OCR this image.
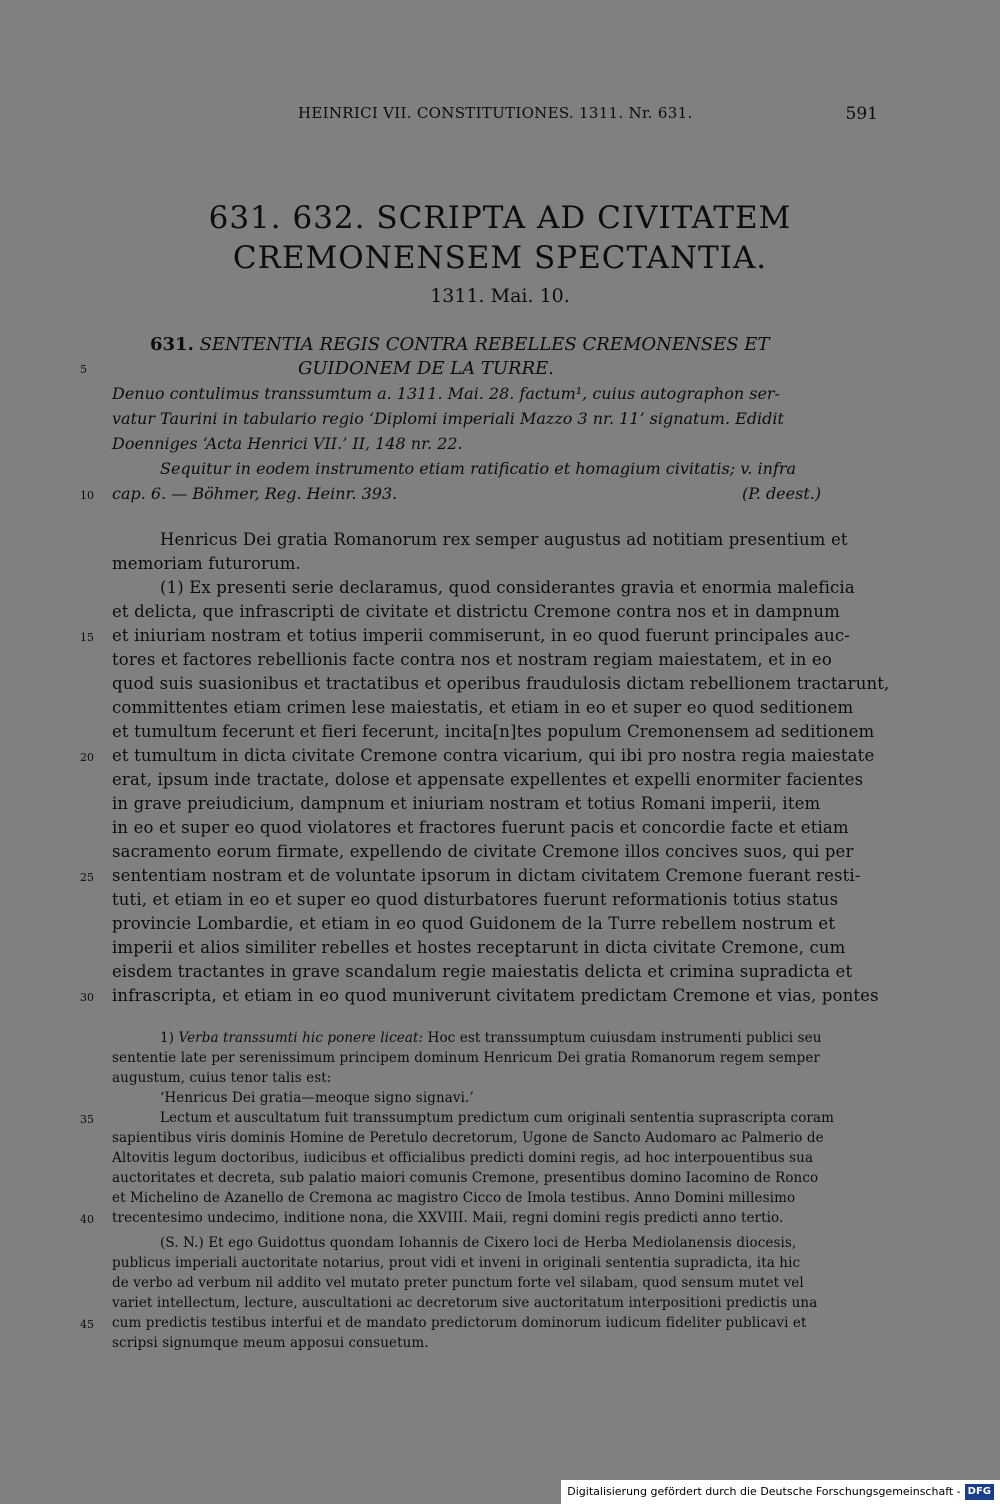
HEINRICI VII. CONSTITUTIONES. 1311. Nr. 631.	591
631. 632. SCRIPTA AD CIVITATEM
CREMONENSEM SPECTANTIA.
1311. Mai. 10.
631. SENTENTIA REGIS CONTRA REBELLES CREMONENSES ET
GUIDONEM DE LA TURRE.
Denuo contulimus transsumtum a. 1311. Mai. 28. factum¹, cuius autographon ser-
vatur Taurini in tabulario regio ‘Diplomi imperiali Mazzo 3 nr. 11’ signatum. Edidit
Doenniges ‘Acta Henrici VII.’ II, 148 nr. 22.
Sequitur in eodem instrumento etiam ratificatio et homagium civitatis; v. infra
cap. 6. — Böhmer, Reg. Heinr. 393.	(P. deest.)
Henricus Dei gratia Romanorum rex semper augustus ad notitiam presentium et
memoriam futurorum.
(1) Ex presenti serie declaramus, quod considerantes gravia et enormia maleficia
et delicta, que infrascripti de civitate et districtu Cremone contra nos et in dampnum
et iniuriam nostram et totius imperii commiserunt, in eo quod fuerunt principales auc-
tores et factores rebellionis facte contra nos et nostram regiam maiestatem, et in eo
quod suis suasionibus et tractatibus et operibus fraudulosis dictam rebellionem tractarunt,
committentes etiam crimen lese maiestatis, et etiam in eo et super eo quod seditionem
et tumultum fecerunt et fieri fecerunt, incita[n]tes populum Cremonensem ad seditionem
et tumultum in dicta civitate Cremone contra vicarium, qui ibi pro nostra regia maiestate
erat, ipsum inde tractate, dolose et appensate expellentes et expelli enormiter facientes
in grave preiudicium, dampnum et iniuriam nostram et totius Romani imperii, item
in eo et super eo quod violatores et fractores fuerunt pacis et concordie facte et etiam
sacramento eorum firmate, expellendo de civitate Cremone illos concives suos, qui per
sententiam nostram et de voluntate ipsorum in dictam civitatem Cremone fuerant resti-
tuti, et etiam in eo et super eo quod disturbatores fuerunt reformationis totius status
provincie Lombardie, et etiam in eo quod Guidonem de la Turre rebellem nostrum et
imperii et alios similiter rebelles et hostes receptarunt in dicta civitate Cremone, cum
eisdem tractantes in grave scandalum regie maiestatis delicta et crimina supradicta et
infrascripta, et etiam in eo quod muniverunt civitatem predictam Cremone et vias, pontes
1) Verba transsumti hic ponere liceat: Hoc est transsumptum cuiusdam instrumenti publici seu
sententie late per serenissimum principem dominum Henricum Dei gratia Romanorum regem semper
augustum, cuius tenor talis est:
‘Henricus Dei gratia—meoque signo signavi.’
Lectum et auscultatum fuit transsumptum predictum cum originali sententia suprascripta coram
sapientibus viris dominis Homine de Peretulo decretorum, Ugone de Sancto Audomaro ac Palmerio de
Altovitis legum doctoribus, iudicibus et officialibus predicti domini regis, ad hoc interpouentibus sua
auctoritates et decreta, sub palatio maiori comunis Cremone, presentibus domino Iacomino de Ronco
et Michelino de Azanello de Cremona ac magistro Cicco de Imola testibus. Anno Domini millesimo
trecentesimo undecimo, inditione nona, die XXVIII. Maii, regni domini regis predicti anno tertio.
(S. N.) Et ego Guidottus quondam Iohannis de Cixero loci de Herba Mediolanensis diocesis,
publicus imperiali auctoritate notarius, prout vidi et inveni in originali sententia supradicta, ita hic
de verbo ad verbum nil addito vel mutato preter punctum forte vel silabam, quod sensum mutet vel
variet intellectum, lecture, auscultationi ac decretorum sive auctoritatum interpositioni predictis una
cum predictis testibus interfui et de mandato predictorum dominorum iudicum fideliter publicavi et
scripsi signumque meum apposui consuetum.
5
10
15
20
25
30
35
40
45
Digitalisierung gefördert durch die Deutsche Forschungsgemeinschaft - DFG
